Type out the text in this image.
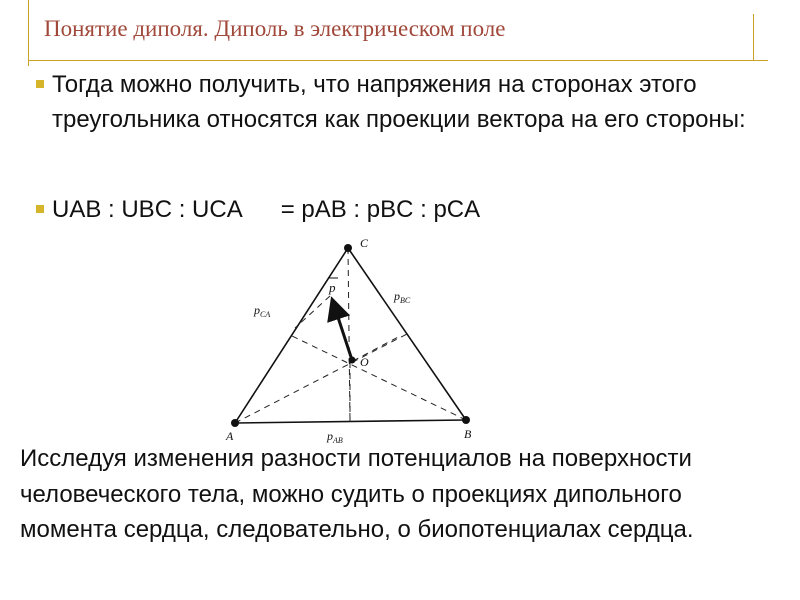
Понятие диполя. Диполь в электрическом поле
Тогда можно получить, что напряжения на сторонах этого треугольника относятся как проекции вектора на его стороны:
UAB : UBC : UCA = pAB : pBC : pCA
A	B
C
O
p
$p_{CA}$
$p_{BC}$
$p_{AB}$
Исследуя изменения разности потенциалов на поверхности человеческого тела, можно судить о проекциях дипольного момента сердца, следовательно, о биопотенциалах сердца.
